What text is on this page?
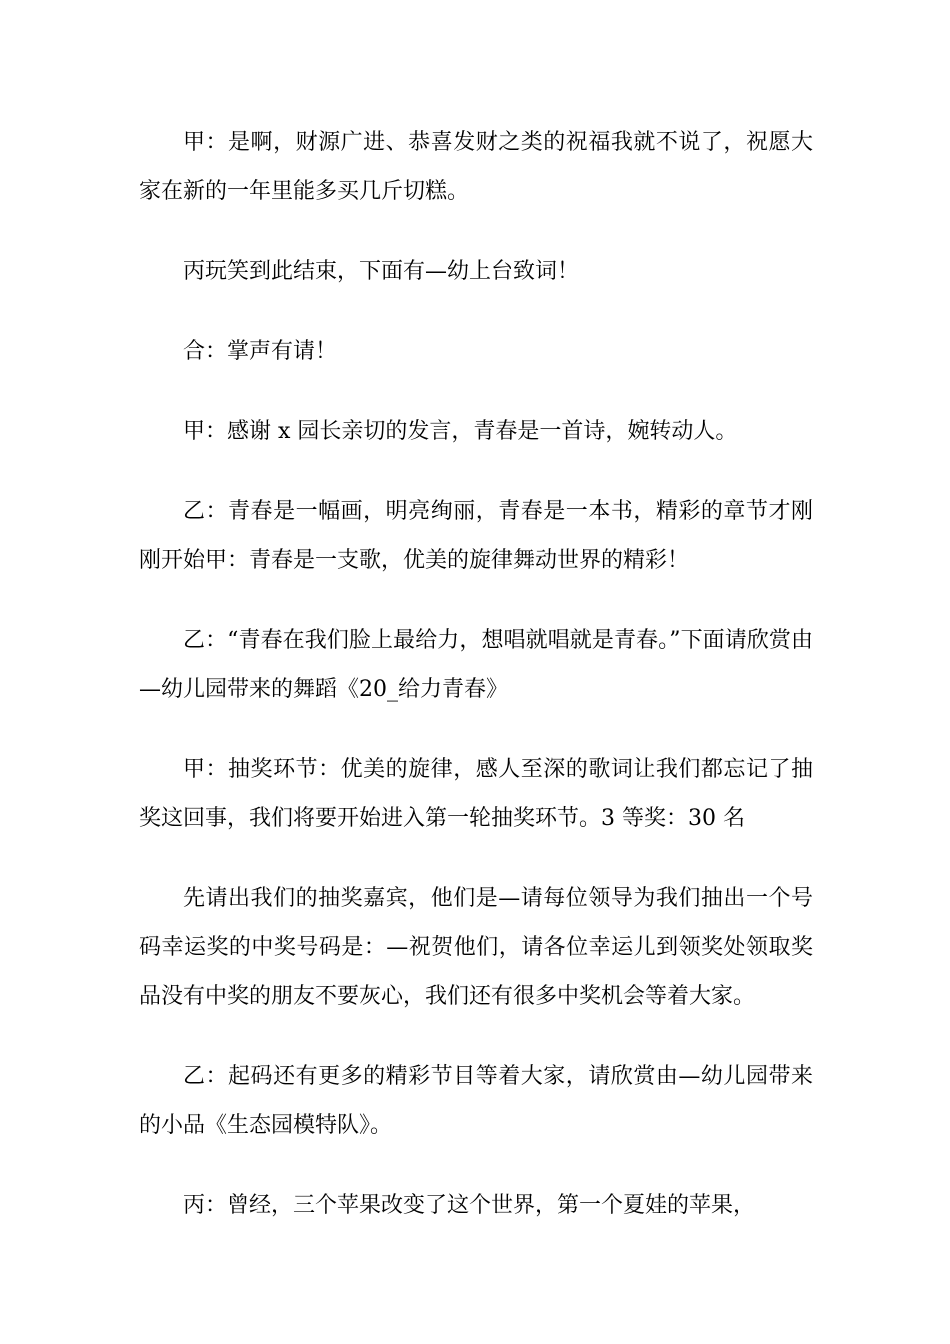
甲：是啊，财源广进、恭喜发财之类的祝福我就不说了，祝愿大家在新的一年里能多买几斤切糕。

丙玩笑到此结束，下面有—幼上台致词！

合：掌声有请！

甲：感谢 x 园长亲切的发言，青春是一首诗，婉转动人。

乙：青春是一幅画，明亮绚丽，青春是一本书，精彩的章节才刚刚开始甲：青春是一支歌，优美的旋律舞动世界的精彩！

乙：“青春在我们脸上最给力，想唱就唱就是青春。”下面请欣赏由—幼儿园带来的舞蹈《20_给力青春》

甲：抽奖环节：优美的旋律，感人至深的歌词让我们都忘记了抽奖这回事，我们将要开始进入第一轮抽奖环节。3 等奖：30 名

先请出我们的抽奖嘉宾，他们是—请每位领导为我们抽出一个号码幸运奖的中奖号码是：—祝贺他们，请各位幸运儿到领奖处领取奖品没有中奖的朋友不要灰心，我们还有很多中奖机会等着大家。

乙：起码还有更多的精彩节目等着大家，请欣赏由—幼儿园带来的小品《生态园模特队》。

丙：曾经，三个苹果改变了这个世界，第一个夏娃的苹果，
